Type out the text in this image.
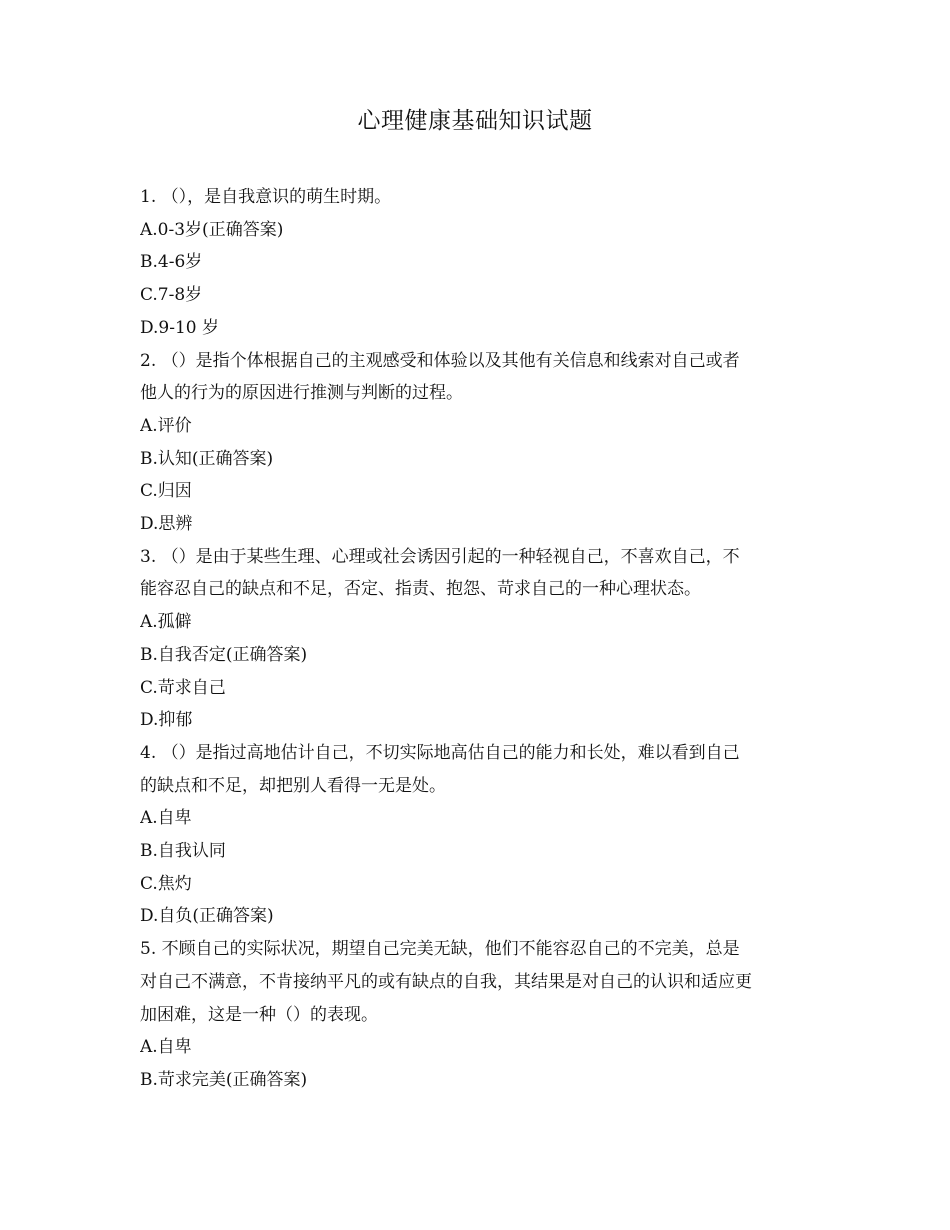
心理健康基础知识试题
1. （），是自我意识的萌生时期。
A.0-3岁(正确答案)
B.4-6岁
C.7-8岁
D.9-10 岁
2. （）是指个体根据自己的主观感受和体验以及其他有关信息和线索对自己或者
他人的行为的原因进行推测与判断的过程。
A.评价
B.认知(正确答案)
C.归因
D.思辨
3. （）是由于某些生理、心理或社会诱因引起的一种轻视自己，不喜欢自己，不
能容忍自己的缺点和不足，否定、指责、抱怨、苛求自己的一种心理状态。
A.孤僻
B.自我否定(正确答案)
C.苛求自己
D.抑郁
4. （）是指过高地估计自己，不切实际地高估自己的能力和长处，难以看到自己
的缺点和不足，却把别人看得一无是处。
A.自卑
B.自我认同
C.焦灼
D.自负(正确答案)
5. 不顾自己的实际状况，期望自己完美无缺，他们不能容忍自己的不完美，总是
对自己不满意，不肯接纳平凡的或有缺点的自我，其结果是对自己的认识和适应更
加困难，这是一种（）的表现。
A.自卑
B.苛求完美(正确答案)
